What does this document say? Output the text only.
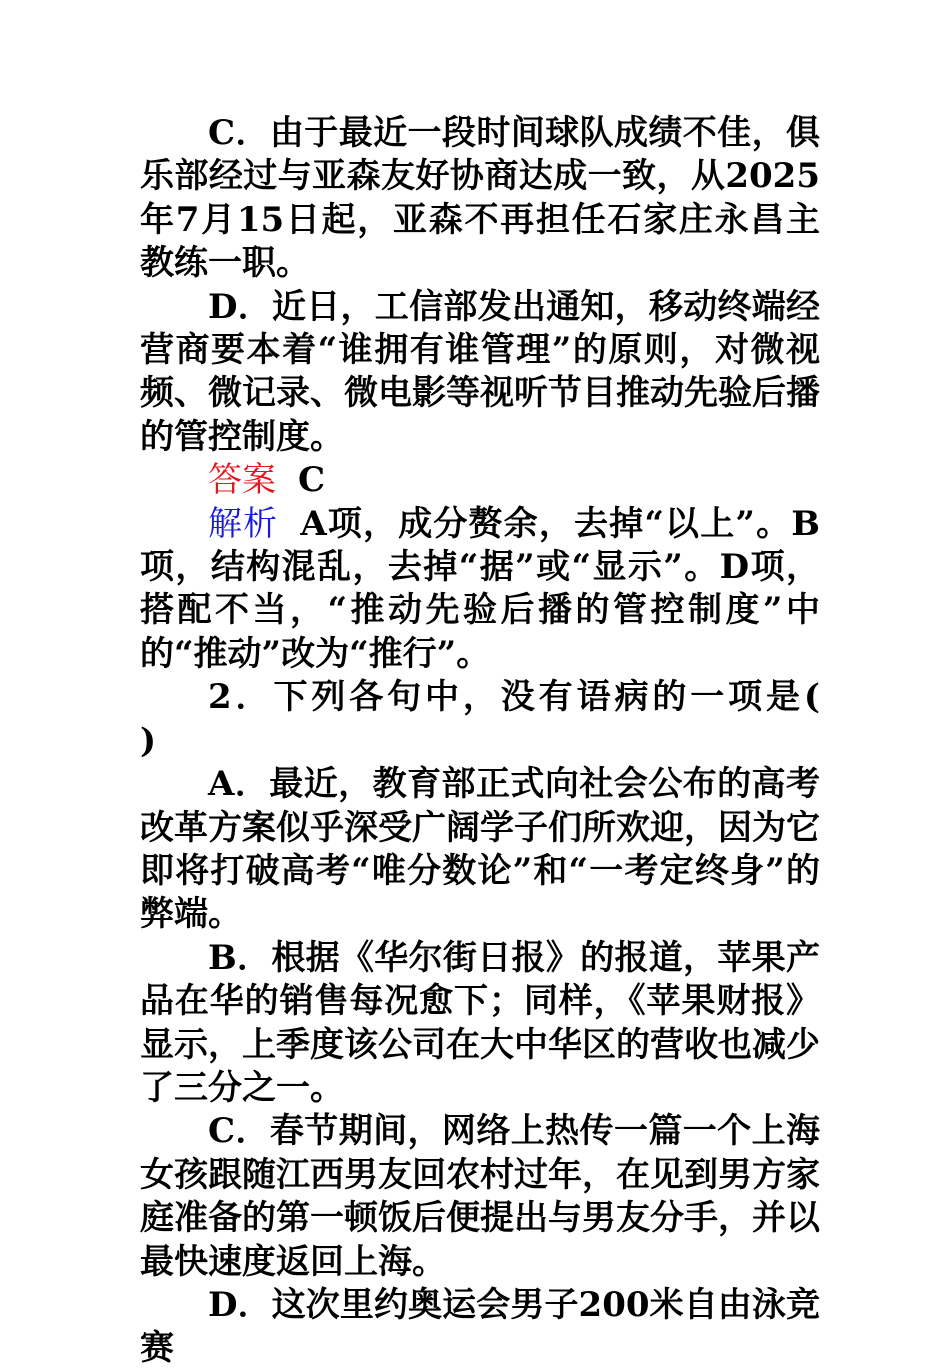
C．由于最近一段时间球队成绩不佳，俱乐部经过与亚森友好协商达成一致，从2025年7月15日起，亚森不再担任石家庄永昌主教练一职。

D．近日，工信部发出通知，移动终端经营商要本着“谁拥有谁管理”的原则，对微视频、微记录、微电影等视听节目推动先验后播的管控制度。

答案 C

解析 A项，成分赘余，去掉“以上”。B项，结构混乱，去掉“据”或“显示”。D项，搭配不当，“推动先验后播的管控制度”中的“推动”改为“推行”。

2．下列各句中，没有语病的一项是(　　)

A．最近，教育部正式向社会公布的高考改革方案似乎深受广阔学子们所欢迎，因为它即将打破高考“唯分数论”和“一考定终身”的弊端。

B．根据《华尔街日报》的报道，苹果产品在华的销售每况愈下；同样，《苹果财报》显示，上季度该公司在大中华区的营收也减少了三分之一。

C．春节期间，网络上热传一篇一个上海女孩跟随江西男友回农村过年，在见到男方家庭准备的第一顿饭后便提出与男友分手，并以最快速度返回上海。

D．这次里约奥运会男子200米自由泳竞赛
